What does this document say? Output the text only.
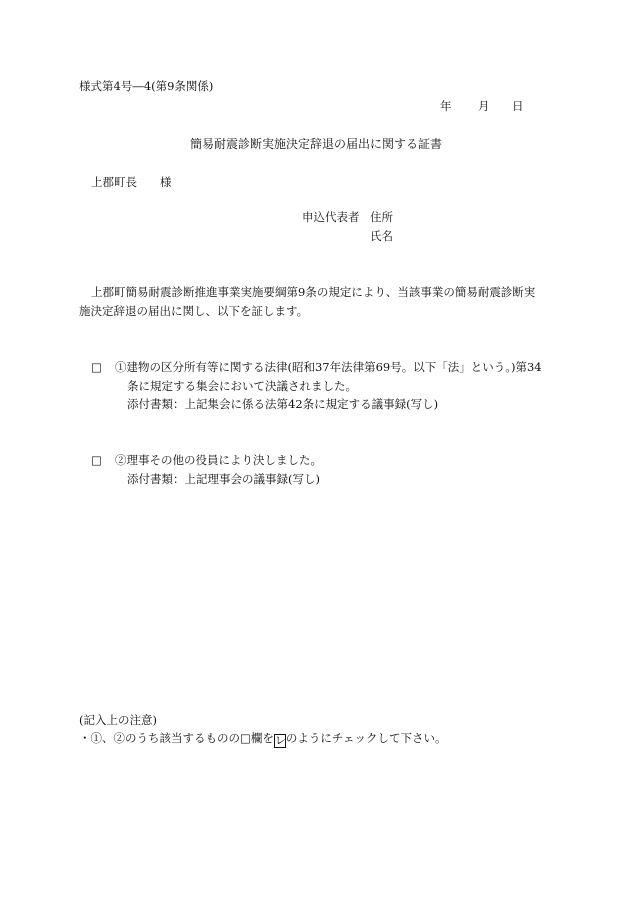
様式第4号―4(第9条関係)
年 月 日
簡易耐震診断実施決定辞退の届出に関する証書
上郡町長 様
申込代表者 住所
氏名
上郡町簡易耐震診断推進事業実施要綱第9条の規定により、当該事業の簡易耐震診断実
施決定辞退の届出に関し、以下を証します。
□ ①建物の区分所有等に関する法律(昭和37年法律第69号。以下「法」という。)第34
条に規定する集会において決議されました。
添付書類：上記集会に係る法第42条に規定する議事録(写し)
□ ②理事その他の役員により決しました。
添付書類：上記理事会の議事録(写し)
(記入上の注意)
・①、②のうち該当するものの□欄をレのようにチェックして下さい。
